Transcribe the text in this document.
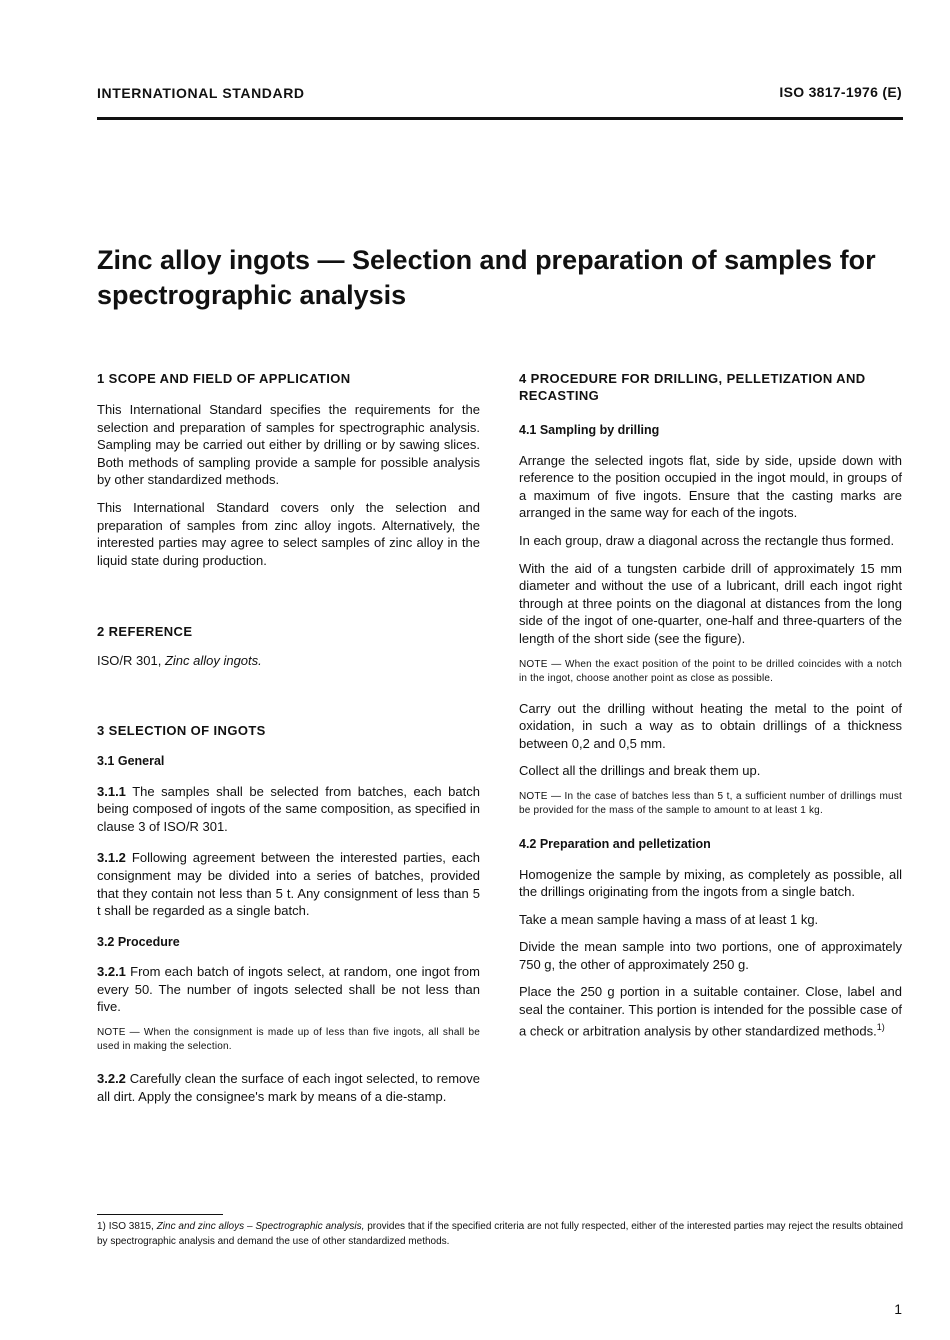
INTERNATIONAL STANDARD	ISO 3817-1976 (E)
Zinc alloy ingots — Selection and preparation of samples for
spectrographic analysis
1 SCOPE AND FIELD OF APPLICATION

This International Standard specifies the requirements for the selection and preparation of samples for spectrographic analysis. Sampling may be carried out either by drilling or by sawing slices. Both methods of sampling provide a sample for possible analysis by other standardized methods.

This International Standard covers only the selection and preparation of samples from zinc alloy ingots. Alternatively, the interested parties may agree to select samples of zinc alloy in the liquid state during production.

2 REFERENCE

ISO/R 301, Zinc alloy ingots.

3 SELECTION OF INGOTS
3.1 General

3.1.1 The samples shall be selected from batches, each batch being composed of ingots of the same composition, as specified in clause 3 of ISO/R 301.

3.1.2 Following agreement between the interested parties, each consignment may be divided into a series of batches, provided that they contain not less than 5 t. Any consignment of less than 5 t shall be regarded as a single batch.

3.2 Procedure

3.2.1 From each batch of ingots select, at random, one ingot from every 50. The number of ingots selected shall be not less than five.

NOTE — When the consignment is made up of less than five ingots, all shall be used in making the selection.

3.2.2 Carefully clean the surface of each ingot selected, to remove all dirt. Apply the consignee's mark by means of a die-stamp.

4 PROCEDURE FOR DRILLING, PELLETIZATION AND RECASTING
4.1 Sampling by drilling

Arrange the selected ingots flat, side by side, upside down with reference to the position occupied in the ingot mould, in groups of a maximum of five ingots. Ensure that the casting marks are arranged in the same way for each of the ingots.

In each group, draw a diagonal across the rectangle thus formed.

With the aid of a tungsten carbide drill of approximately 15 mm diameter and without the use of a lubricant, drill each ingot right through at three points on the diagonal at distances from the long side of the ingot of one-quarter, one-half and three-quarters of the length of the short side (see the figure).

NOTE — When the exact position of the point to be drilled coincides with a notch in the ingot, choose another point as close as possible.

Carry out the drilling without heating the metal to the point of oxidation, in such a way as to obtain drillings of a thickness between 0,2 and 0,5 mm.

Collect all the drillings and break them up.

NOTE — In the case of batches less than 5 t, a sufficient number of drillings must be provided for the mass of the sample to amount to at least 1 kg.

4.2 Preparation and pelletization

Homogenize the sample by mixing, as completely as possible, all the drillings originating from the ingots from a single batch.

Take a mean sample having a mass of at least 1 kg.

Divide the mean sample into two portions, one of approximately 750 g, the other of approximately 250 g.

Place the 250 g portion in a suitable container. Close, label and seal the container. This portion is intended for the possible case of a check or arbitration analysis by other standardized methods.$^{1)}$

1) ISO 3815, Zinc and zinc alloys – Spectrographic analysis, provides that if the specified criteria are not fully respected, either of the interested parties may reject the results obtained by spectrographic analysis and demand the use of other standardized methods.

1
